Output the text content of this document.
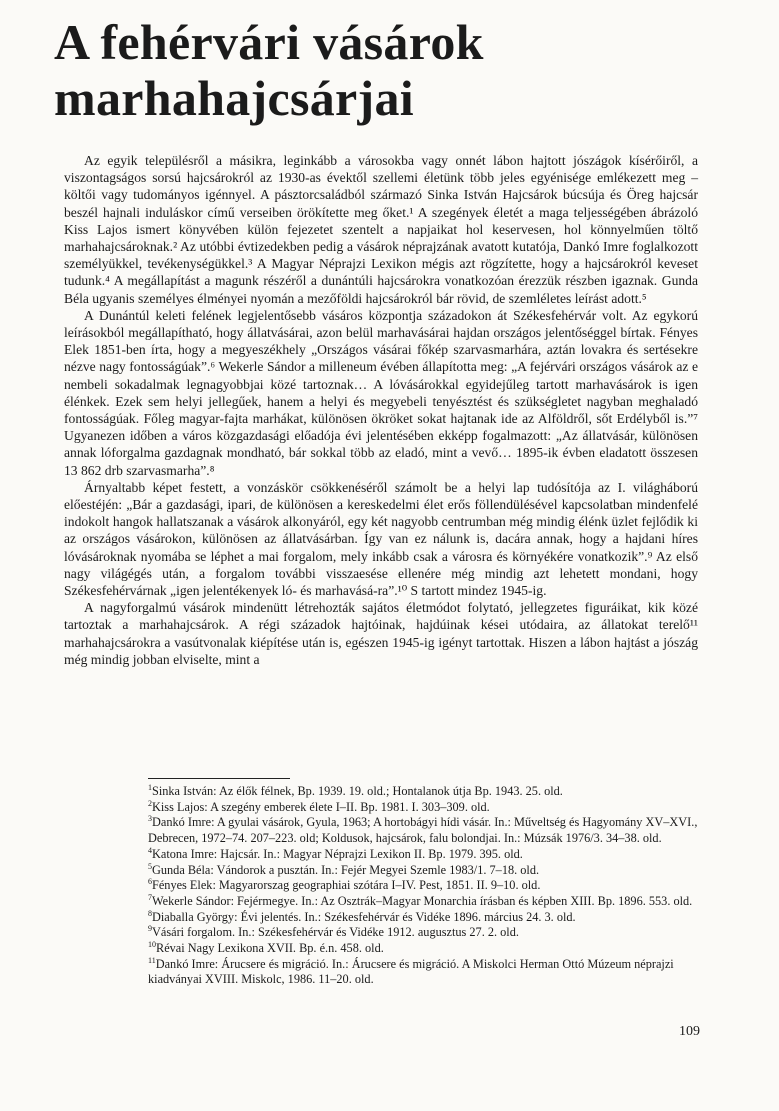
A fehérvári vásárok
marhahajcsárjai

Az egyik településről a másikra, leginkább a városokba vagy onnét lábon hajtott jószágok kísérőiről, a viszontagságos sorsú hajcsárokról az 1930-as évektől szellemi életünk több jeles egyénisége emlékezett meg – költői vagy tudományos igénnyel. A pásztorcsaládból származó Sinka István Hajcsárok búcsúja és Öreg hajcsár beszél hajnali induláskor című verseiben örökítette meg őket.¹ A szegények életét a maga teljességében ábrázoló Kiss Lajos ismert könyvében külön fejezetet szentelt a napjaikat hol keservesen, hol könnyelműen töltő marhahajcsároknak.² Az utóbbi évtizedekben pedig a vásárok néprajzának avatott kutatója, Dankó Imre foglalkozott személyükkel, tevékenységükkel.³ A Magyar Néprajzi Lexikon mégis azt rögzítette, hogy a hajcsárokról keveset tudunk.⁴ A megállapítást a magunk részéről a dunántúli hajcsárokra vonatkozóan érezzük részben igaznak. Gunda Béla ugyanis személyes élményei nyomán a mezőföldi hajcsárokról bár rövid, de szemléletes leírást adott.⁵

A Dunántúl keleti felének legjelentősebb vásáros központja századokon át Székesfehérvár volt. Az egykorú leírásokból megállapítható, hogy állatvásárai, azon belül marhavásárai hajdan országos jelentőséggel bírtak. Fényes Elek 1851-ben írta, hogy a megyeszékhely „Országos vásárai főkép szarvasmarhára, aztán lovakra és sertésekre nézve nagy fontosságúak”.⁶ Wekerle Sándor a milleneum évében állapította meg: „A fejérvári országos vásárok az e nembeli sokadalmak legnagyobbjai közé tartoznak… A lóvásárokkal egyidejűleg tartott marhavásárok is igen élénkek. Ezek sem helyi jellegűek, hanem a helyi és megyebeli tenyésztést és szükségletet nagyban meghaladó fontosságúak. Főleg magyar-fajta marhákat, különösen ökröket sokat hajtanak ide az Alföldről, sőt Erdélyből is.”⁷ Ugyanezen időben a város közgazdasági előadója évi jelentésében ekképp fogalmazott: „Az állatvásár, különösen annak lóforgalma gazdagnak mondható, bár sokkal több az eladó, mint a vevő… 1895-ik évben eladatott összesen 13 862 drb szarvasmarha”.⁸

Árnyaltabb képet festett, a vonzáskör csökkenéséről számolt be a helyi lap tudósítója az I. világháború előestéjén: „Bár a gazdasági, ipari, de különösen a kereskedelmi élet erős föllendülésével kapcsolatban mindenfelé indokolt hangok hallatszanak a vásárok alkonyáról, egy két nagyobb centrumban még mindig élénk üzlet fejlődik ki az országos vásárokon, különösen az állatvásárban. Így van ez nálunk is, dacára annak, hogy a hajdani híres lóvásároknak nyomába se léphet a mai forgalom, mely inkább csak a városra és környékére vonatkozik”.⁹ Az első nagy világégés után, a forgalom további visszaesése ellenére még mindig azt lehetett mondani, hogy Székesfehérvárnak „igen jelentékenyek ló- és marhavásá-ra”.¹⁰ S tartott mindez 1945-ig.

A nagyforgalmú vásárok mindenütt létrehozták sajátos életmódot folytató, jellegzetes figuráikat, kik közé tartoztak a marhahajcsárok. A régi századok hajtóinak, hajdúinak kései utódaira, az állatokat terelő¹¹ marhahajcsárokra a vasútvonalak kiépítése után is, egészen 1945-ig igényt tartottak. Hiszen a lábon hajtást a jószág még mindig jobban elviselte, mint a

$^1$Sinka István: Az élők félnek, Bp. 1939. 19. old.; Hontalanok útja Bp. 1943. 25. old.

$^2$Kiss Lajos: A szegény emberek élete I–II. Bp. 1981. I. 303–309. old.

$^3$Dankó Imre: A gyulai vásárok, Gyula, 1963; A hortobágyi hídi vásár. In.: Műveltség és Hagyomány XV–XVI., Debrecen, 1972–74. 207–223. old; Koldusok, hajcsárok, falu bolondjai. In.: Múzsák 1976/3. 34–38. old.

$^4$Katona Imre: Hajcsár. In.: Magyar Néprajzi Lexikon II. Bp. 1979. 395. old.

$^5$Gunda Béla: Vándorok a pusztán. In.: Fejér Megyei Szemle 1983/1. 7–18. old.

$^6$Fényes Elek: Magyarorszag geographiai szótára I–IV. Pest, 1851. II. 9–10. old.

$^7$Wekerle Sándor: Fejérmegye. In.: Az Osztrák–Magyar Monarchia írásban és képben XIII. Bp. 1896. 553. old.

$^8$Diaballa György: Évi jelentés. In.: Székesfehérvár és Vidéke 1896. március 24. 3. old.

$^9$Vásári forgalom. In.: Székesfehérvár és Vidéke 1912. augusztus 27. 2. old.

$^{10}$Révai Nagy Lexikona XVII. Bp. é.n. 458. old.

$^{11}$Dankó Imre: Árucsere és migráció. In.: Árucsere és migráció. A Miskolci Herman Ottó Múzeum néprajzi kiadványai XVIII. Miskolc, 1986. 11–20. old.

109
